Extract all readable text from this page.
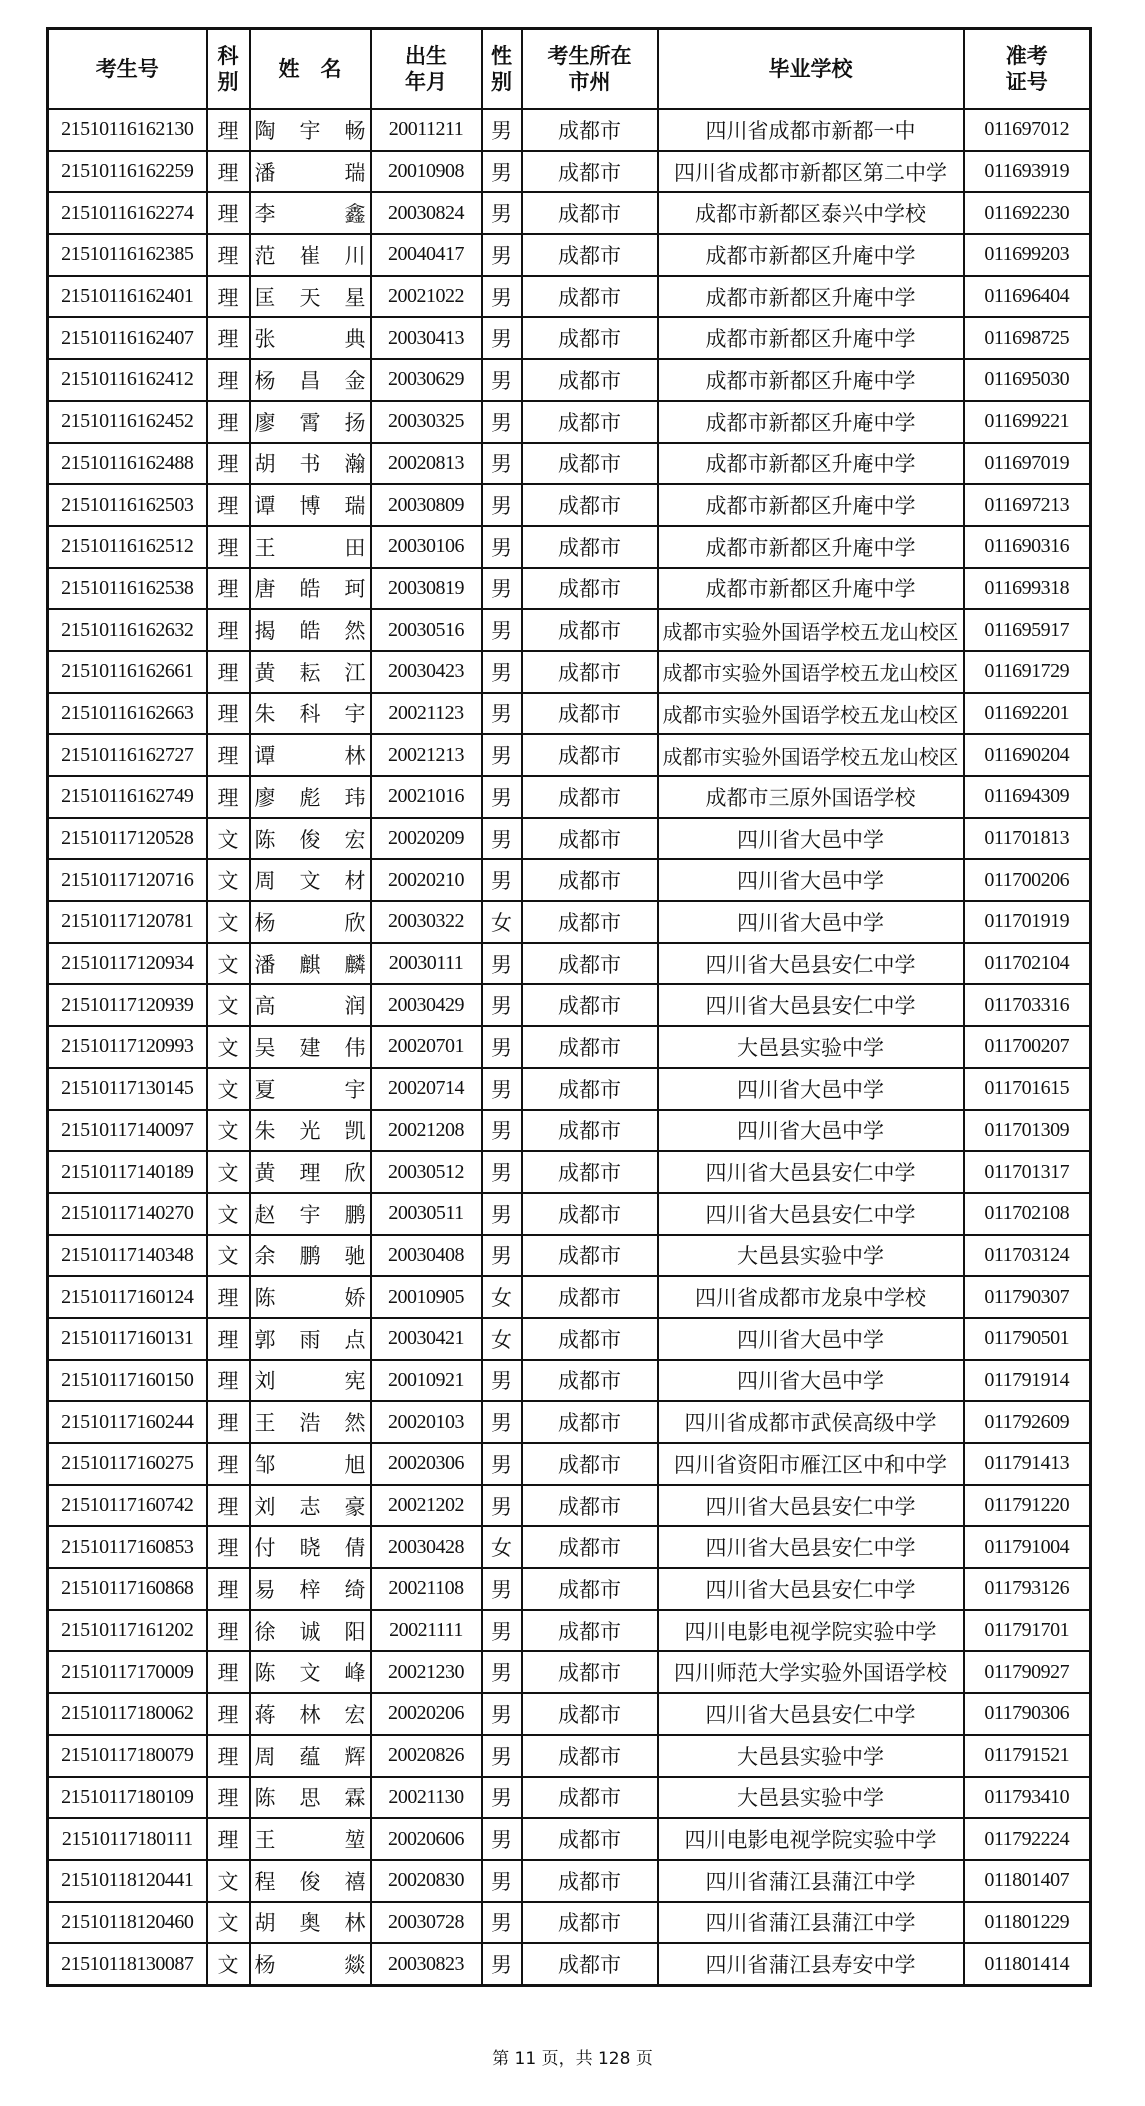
考生号	科别	姓　名	出生年月	性别	考生所在市州	毕业学校	准考证号
21510116162130	理	陶宇畅	20011211	男	成都市	四川省成都市新都一中	011697012
21510116162259	理	潘瑞	20010908	男	成都市	四川省成都市新都区第二中学	011693919
21510116162274	理	李鑫	20030824	男	成都市	成都市新都区泰兴中学校	011692230
21510116162385	理	范崔川	20040417	男	成都市	成都市新都区升庵中学	011699203
21510116162401	理	匡天星	20021022	男	成都市	成都市新都区升庵中学	011696404
21510116162407	理	张典	20030413	男	成都市	成都市新都区升庵中学	011698725
21510116162412	理	杨昌金	20030629	男	成都市	成都市新都区升庵中学	011695030
21510116162452	理	廖霄扬	20030325	男	成都市	成都市新都区升庵中学	011699221
21510116162488	理	胡书瀚	20020813	男	成都市	成都市新都区升庵中学	011697019
21510116162503	理	谭博瑞	20030809	男	成都市	成都市新都区升庵中学	011697213
21510116162512	理	王田	20030106	男	成都市	成都市新都区升庵中学	011690316
21510116162538	理	唐皓珂	20030819	男	成都市	成都市新都区升庵中学	011699318
21510116162632	理	揭皓然	20030516	男	成都市	成都市实验外国语学校五龙山校区	011695917
21510116162661	理	黄耘江	20030423	男	成都市	成都市实验外国语学校五龙山校区	011691729
21510116162663	理	朱科宇	20021123	男	成都市	成都市实验外国语学校五龙山校区	011692201
21510116162727	理	谭林	20021213	男	成都市	成都市实验外国语学校五龙山校区	011690204
21510116162749	理	廖彪玮	20021016	男	成都市	成都市三原外国语学校	011694309
21510117120528	文	陈俊宏	20020209	男	成都市	四川省大邑中学	011701813
21510117120716	文	周文材	20020210	男	成都市	四川省大邑中学	011700206
21510117120781	文	杨欣	20030322	女	成都市	四川省大邑中学	011701919
21510117120934	文	潘麒麟	20030111	男	成都市	四川省大邑县安仁中学	011702104
21510117120939	文	高润	20030429	男	成都市	四川省大邑县安仁中学	011703316
21510117120993	文	吴建伟	20020701	男	成都市	大邑县实验中学	011700207
21510117130145	文	夏宇	20020714	男	成都市	四川省大邑中学	011701615
21510117140097	文	朱光凯	20021208	男	成都市	四川省大邑中学	011701309
21510117140189	文	黄理欣	20030512	男	成都市	四川省大邑县安仁中学	011701317
21510117140270	文	赵宇鹏	20030511	男	成都市	四川省大邑县安仁中学	011702108
21510117140348	文	余鹏驰	20030408	男	成都市	大邑县实验中学	011703124
21510117160124	理	陈娇	20010905	女	成都市	四川省成都市龙泉中学校	011790307
21510117160131	理	郭雨点	20030421	女	成都市	四川省大邑中学	011790501
21510117160150	理	刘宪	20010921	男	成都市	四川省大邑中学	011791914
21510117160244	理	王浩然	20020103	男	成都市	四川省成都市武侯高级中学	011792609
21510117160275	理	邹旭	20020306	男	成都市	四川省资阳市雁江区中和中学	011791413
21510117160742	理	刘志豪	20021202	男	成都市	四川省大邑县安仁中学	011791220
21510117160853	理	付晓倩	20030428	女	成都市	四川省大邑县安仁中学	011791004
21510117160868	理	易梓绮	20021108	男	成都市	四川省大邑县安仁中学	011793126
21510117161202	理	徐诚阳	20021111	男	成都市	四川电影电视学院实验中学	011791701
21510117170009	理	陈文峰	20021230	男	成都市	四川师范大学实验外国语学校	011790927
21510117180062	理	蒋林宏	20020206	男	成都市	四川省大邑县安仁中学	011790306
21510117180079	理	周蕴辉	20020826	男	成都市	大邑县实验中学	011791521
21510117180109	理	陈思霖	20021130	男	成都市	大邑县实验中学	011793410
21510117180111	理	王堃	20020606	男	成都市	四川电影电视学院实验中学	011792224
21510118120441	文	程俊禧	20020830	男	成都市	四川省蒲江县蒲江中学	011801407
21510118120460	文	胡奥林	20030728	男	成都市	四川省蒲江县蒲江中学	011801229
21510118130087	文	杨燚	20030823	男	成都市	四川省蒲江县寿安中学	011801414
第 11 页，共 128 页
